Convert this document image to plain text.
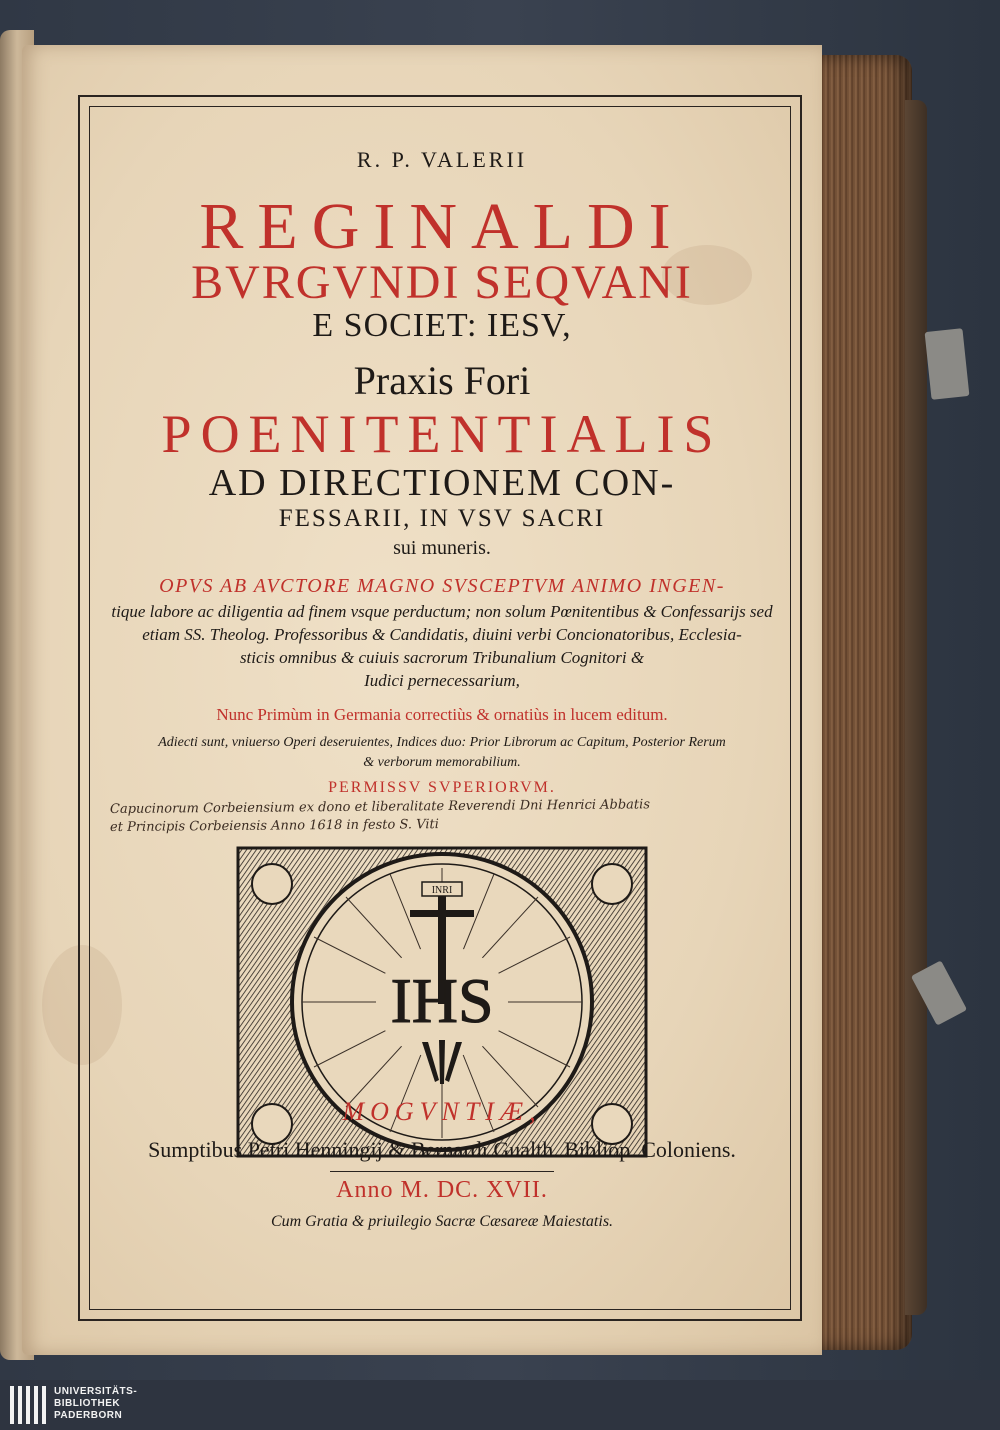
R. P. VALERII
REGINALDI
BVRGVNDI SEQVANI
E SOCIET: IESV,
Praxis Fori
POENITENTIALIS
AD DIRECTIONEM CON-
FESSARII, IN VSV SACRI
sui muneris.
OPVS AB AVCTORE MAGNO SVSCEPTVM ANIMO INGEN-
tique labore ac diligentia ad finem vsque perductum; non solum Pœnitentibus & Confessarijs sed
etiam SS. Theolog. Professoribus & Candidatis, diuini verbi Concionatoribus, Ecclesia-
sticis omnibus & cuiuis sacrorum Tribunalium Cognitori &
Iudici pernecessarium,
Nunc Primùm in Germania correctiùs & ornatiùs in lucem editum.
Adiecti sunt, vniuerso Operi deseruientes, Indices duo: Prior Librorum ac Capitum, Posterior Rerum
& verborum memorabilium.
PERMISSV SVPERIORVM.
Capucinorum Corbeiensium ex dono et liberalitate Reverendi Dni Henrici Abbatis
et Principis Corbeiensis Anno 1618 in festo S. Viti
INRI
IHS
MOGVNTIÆ,
Sumptibus Petri Henningij & Bernardi Gualth. Bibliop. Coloniens.
Anno M. DC. XVII.
Cum Gratia & priuilegio Sacræ Cæsareæ Maiestatis.
UNIVERSITÄTS-
BIBLIOTHEK
PADERBORN
